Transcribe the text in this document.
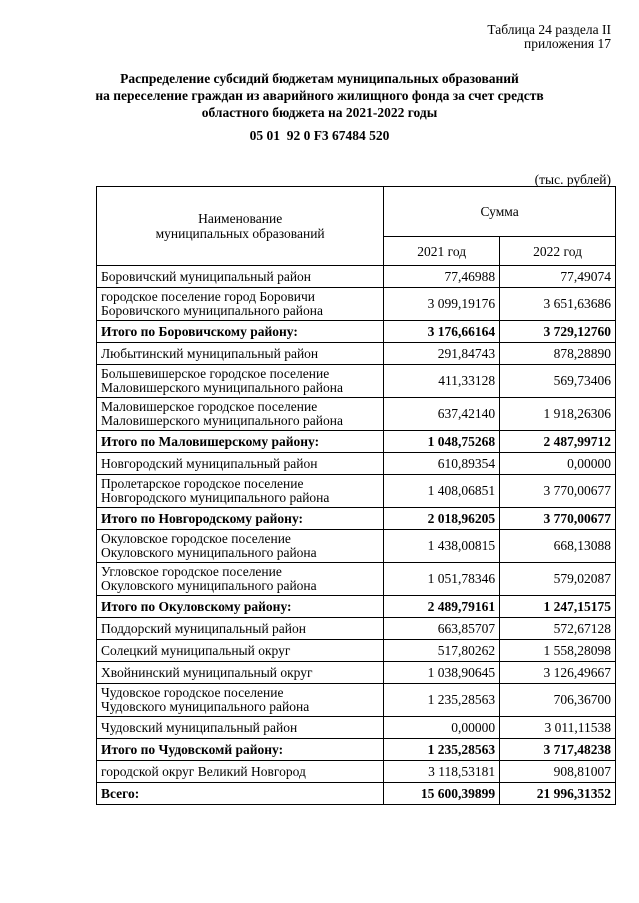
Таблица 24 раздела II
приложения 17
Распределение субсидий бюджетам муниципальных образований
на переселение граждан из аварийного жилищного фонда за счет средств
областного бюджета на 2021-2022 годы
05 01  92 0 F3 67484 520
(тыс. рублей)
Наименование
муниципальных образований	Сумма	
	2021 год	2022 год

Боровичский муниципальный район	77,46988	77,49074

городское поселение город Боровичи
Боровичского муниципального района	3 099,19176	3 651,63686

Итого по Боровичскому району:	3 176,66164	3 729,12760

Любытинский муниципальный район	291,84743	878,28890

Большевишерское городское поселение
Маловишерского муниципального района	411,33128	569,73406

Маловишерское городское поселение
Маловишерского муниципального района	637,42140	1 918,26306

Итого по Маловишерскому району:	1 048,75268	2 487,99712

Новгородский муниципальный район	610,89354	0,00000

Пролетарское городское поселение
Новгородского муниципального района	1 408,06851	3 770,00677

Итого по Новгородскому району:	2 018,96205	3 770,00677

Окуловское городское поселение
Окуловского муниципального района	1 438,00815	668,13088

Угловское городское поселение
Окуловского муниципального района	1 051,78346	579,02087

Итого по Окуловскому району:	2 489,79161	1 247,15175

Поддорский муниципальный район	663,85707	572,67128

Солецкий муниципальный округ	517,80262	1 558,28098

Хвойнинский муниципальный округ	1 038,90645	3 126,49667

Чудовское городское поселение
Чудовского муниципального района	1 235,28563	706,36700

Чудовский муниципальный район	0,00000	3 011,11538

Итого по Чудовскомй району:	1 235,28563	3 717,48238

городской округ Великий Новгород	3 118,53181	908,81007

Всего:	15 600,39899	21 996,31352
